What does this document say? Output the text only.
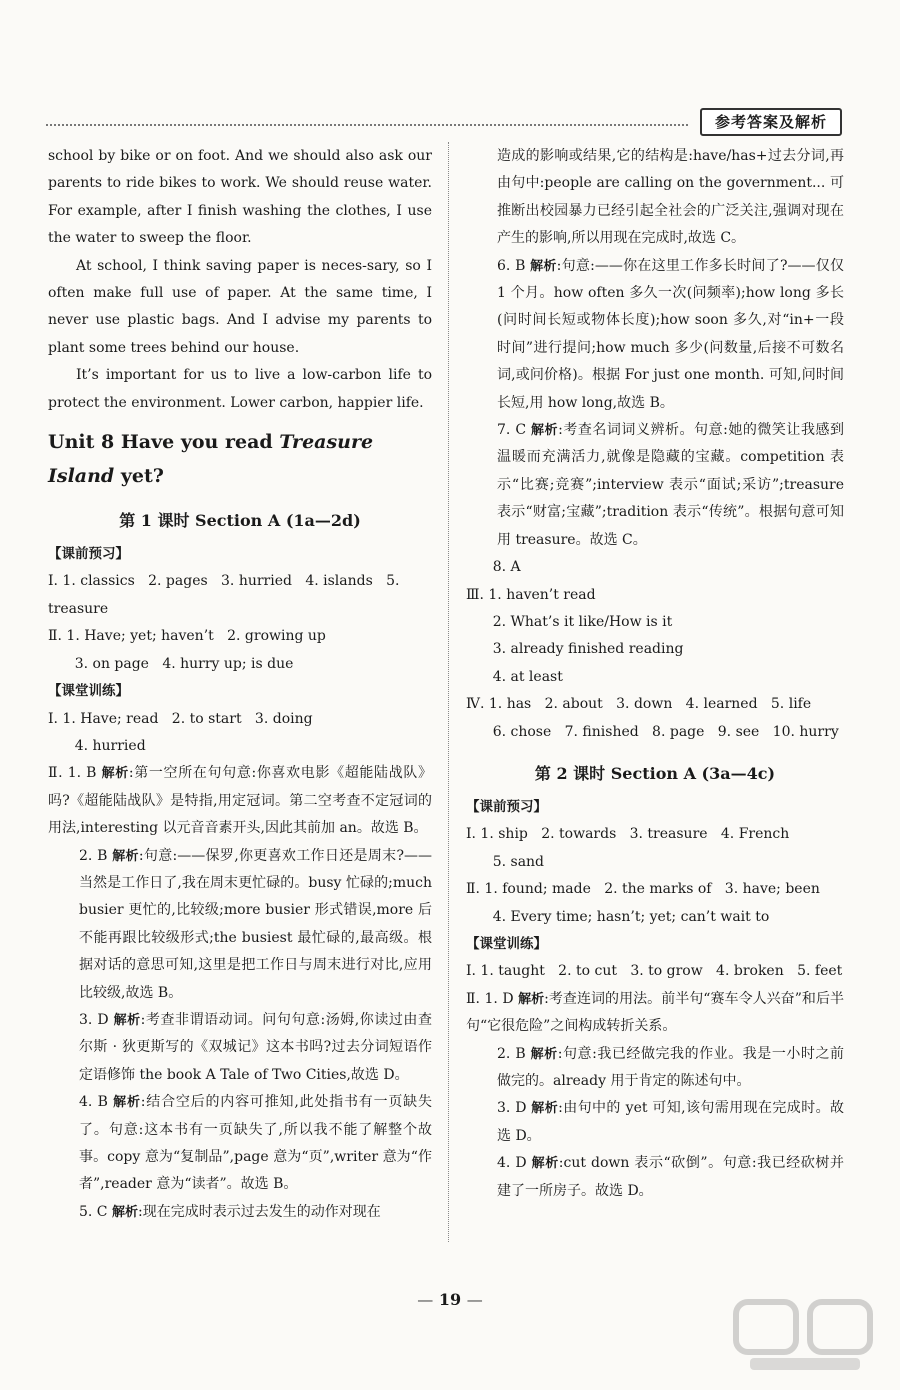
参考答案及解析

school by bike or on foot. And we should also ask our parents to ride bikes to work. We should reuse water. For example, after I finish washing the clothes, I use the water to sweep the floor.

At school, I think saving paper is neces-sary, so I often make full use of paper. At the same time, I never use plastic bags. And I advise my parents to plant some trees behind our house.

It’s important for us to live a low-carbon life to protect the environment. Lower carbon, happier life.

Unit 8 Have you read Treasure Island yet?
第 1 课时 Section A (1a—2d)
【课前预习】

Ⅰ. 1. classics   2. pages   3. hurried   4. islands   5. treasure

Ⅱ. 1. Have; yet; haven’t   2. growing up

3. on page   4. hurry up; is due

【课堂训练】

Ⅰ. 1. Have; read   2. to start   3. doing

4. hurried

Ⅱ. 1. B 解析:第一空所在句句意:你喜欢电影《超能陆战队》吗?《超能陆战队》是特指,用定冠词。第二空考查不定冠词的用法,interesting 以元音音素开头,因此其前加 an。故选 B。

2. B 解析:句意:——保罗,你更喜欢工作日还是周末?——当然是工作日了,我在周末更忙碌的。busy 忙碌的;much busier 更忙的,比较级;more busier 形式错误,more 后不能再跟比较级形式;the busiest 最忙碌的,最高级。根据对话的意思可知,这里是把工作日与周末进行对比,应用比较级,故选 B。

3. D 解析:考查非谓语动词。问句句意:汤姆,你读过由查尔斯 · 狄更斯写的《双城记》这本书吗?过去分词短语作定语修饰 the book A Tale of Two Cities,故选 D。

4. B 解析:结合空后的内容可推知,此处指书有一页缺失了。句意:这本书有一页缺失了,所以我不能了解整个故事。copy 意为“复制品”,page 意为“页”,writer 意为“作者”,reader 意为“读者”。故选 B。

5. C 解析:现在完成时表示过去发生的动作对现在

造成的影响或结果,它的结构是:have/has+过去分词,再由句中:people are calling on the government... 可推断出校园暴力已经引起全社会的广泛关注,强调对现在产生的影响,所以用现在完成时,故选 C。

6. B 解析:句意:——你在这里工作多长时间了?——仅仅 1 个月。how often 多久一次(问频率);how long 多长(问时间长短或物体长度);how soon 多久,对“in+一段时间”进行提问;how much 多少(问数量,后接不可数名词,或问价格)。根据 For just one month. 可知,问时间长短,用 how long,故选 B。

7. C 解析:考查名词词义辨析。句意:她的微笑让我感到温暖而充满活力,就像是隐藏的宝藏。competition 表示“比赛;竞赛”;interview 表示“面试;采访”;treasure 表示“财富;宝藏”;tradition 表示“传统”。根据句意可知用 treasure。故选 C。

8. A

Ⅲ. 1. haven’t read

2. What’s it like/How is it

3. already finished reading

4. at least

Ⅳ. 1. has   2. about   3. down   4. learned   5. life

6. chose   7. finished   8. page   9. see   10. hurry

第 2 课时 Section A (3a—4c)
【课前预习】

Ⅰ. 1. ship   2. towards   3. treasure   4. French

5. sand

Ⅱ. 1. found; made   2. the marks of   3. have; been

4. Every time; hasn’t; yet; can’t wait to

【课堂训练】

Ⅰ. 1. taught   2. to cut   3. to grow   4. broken   5. feet

Ⅱ. 1. D 解析:考查连词的用法。前半句“赛车令人兴奋”和后半句“它很危险”之间构成转折关系。

2. B 解析:句意:我已经做完我的作业。我是一小时之前做完的。already 用于肯定的陈述句中。

3. D 解析:由句中的 yet 可知,该句需用现在完成时。故选 D。

4. D 解析:cut down 表示“砍倒”。句意:我已经砍树并建了一所房子。故选 D。

— 19 —
